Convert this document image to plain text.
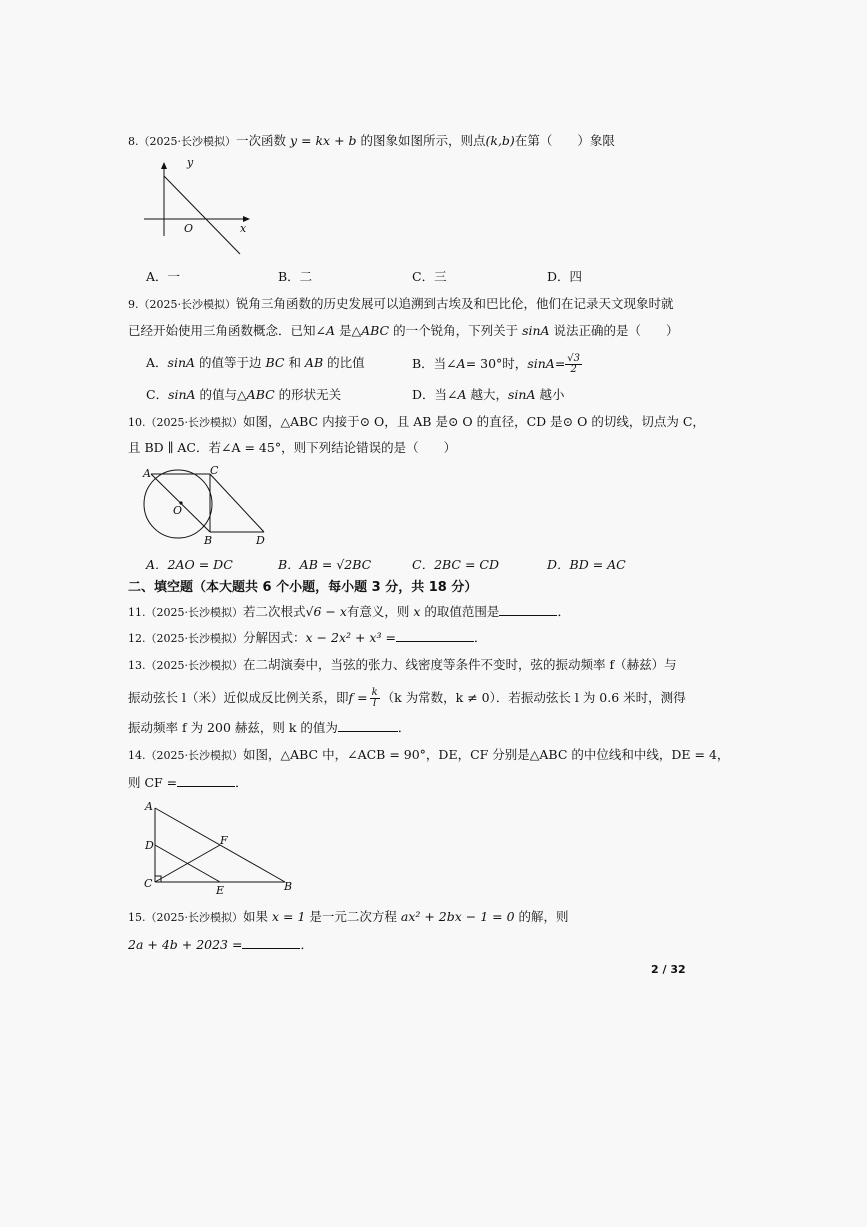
8.（2025·长沙模拟）一次函数 y = kx + b 的图象如图所示，则点(k,b)在第（　　）象限
y
x
O
A．一	B．二	C．三	D．四
9.（2025·长沙模拟）锐角三角函数的历史发展可以追溯到古埃及和巴比伦，他们在记录天文现象时就
已经开始使用三角函数概念．已知∠A 是△ABC 的一个锐角，下列关于 sinA 说法正确的是（　　）
A．sinA 的值等于边 BC 和 AB 的比值	B．当∠ A = 30°时， $\sin A = \frac{√3}{2}$
C．sinA 的值与△ABC 的形状无关	D．当∠A 越大，sinA 越小
10.（2025·长沙模拟）如图，△ABC 内接于⊙ O，且 AB 是⊙ O 的直径，CD 是⊙ O 的切线，切点为 C，
且 BD ∥ AC．若∠A = 45°，则下列结论错误的是（　　）
A	C
O
B	D
A．2AO = DC	B．AB = √2BC	C．2BC = CD	D．BD = AC
二、填空题（本大题共 6 个小题，每小题 3 分，共 18 分）
11.（2025·长沙模拟）若二次根式√6 − x有意义，则 x 的取值范围是	．
12.（2025·长沙模拟）分解因式：x − 2x² + x³ =	．
13.（2025·长沙模拟）在二胡演奏中，当弦的张力、线密度等条件不变时，弦的振动频率 f（赫兹）与
振动弦长 l（米）近似成反比例关系，即 $f = \frac{k}{l} (k$ 为常数，k ≠ 0）．若振动弦长 l 为 0.6 米时，测得
振动频率 f 为 200 赫兹，则 k 的值为	．
14.（2025·长沙模拟）如图，△ABC 中，∠ACB = 90°，DE，CF 分别是△ABC 的中位线和中线，DE = 4，
则 CF =	．
A
D	F
C
E	B
15.（2025·长沙模拟）如果 x = 1 是一元二次方程 ax² + 2bx − 1 = 0 的解，则
2a + 4b + 2023 =	．
2 / 32
